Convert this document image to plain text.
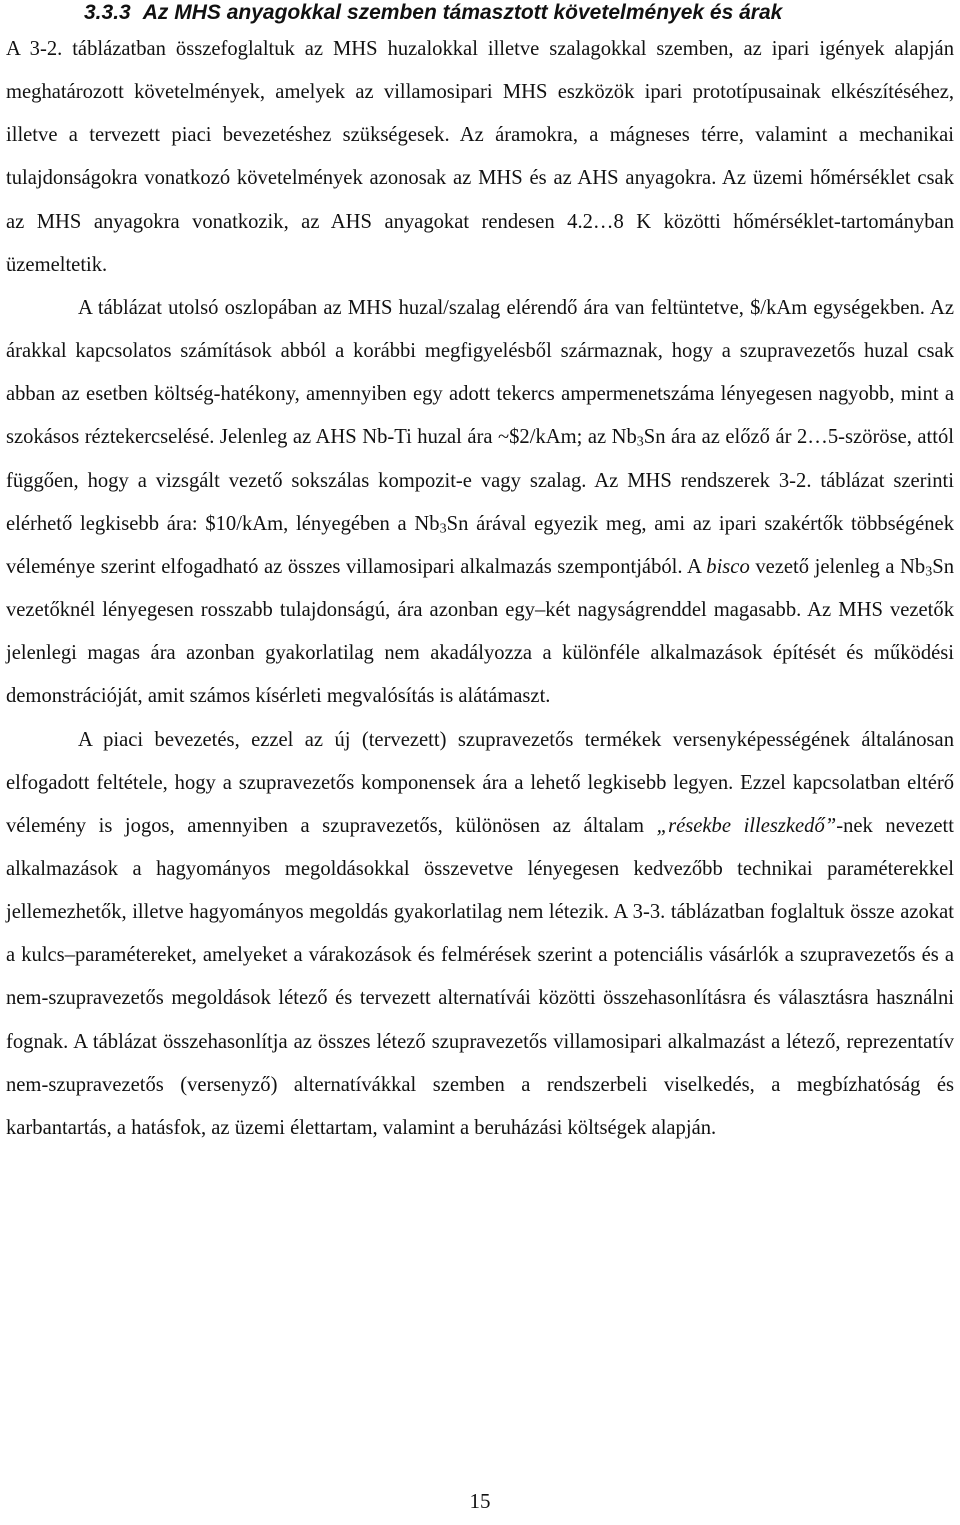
3.3.3 Az MHS anyagokkal szemben támasztott követelmények és árak

A 3-2. táblázatban összefoglaltuk az MHS huzalokkal illetve szalagokkal szemben, az ipari igények alapján meghatározott követelmények, amelyek az villamosipari MHS eszközök ipari prototípusainak elkészítéséhez, illetve a tervezett piaci bevezetéshez szükségesek. Az áramokra, a mágneses térre, valamint a mechanikai tulajdonságokra vonatkozó követelmények azonosak az MHS és az AHS anyagokra. Az üzemi hőmérséklet csak az MHS anyagokra vonatkozik, az AHS anyagokat rendesen 4.2…8 K közötti hőmérséklet-tartományban üzemeltetik.

A táblázat utolsó oszlopában az MHS huzal/szalag elérendő ára van feltüntetve, $/kAm egységekben. Az árakkal kapcsolatos számítások abból a korábbi megfigyelésből származnak, hogy a szupravezetős huzal csak abban az esetben költség-hatékony, amennyiben egy adott tekercs ampermenetszáma lényegesen nagyobb, mint a szokásos réztekercselésé. Jelenleg az AHS Nb-Ti huzal ára ~$2/kAm; az Nb3Sn ára az előző ár 2…5-szöröse, attól függően, hogy a vizsgált vezető sokszálas kompozit-e vagy szalag. Az MHS rendszerek 3-2. táblázat szerinti elérhető legkisebb ára: $10/kAm, lényegében a Nb3Sn árával egyezik meg, ami az ipari szakértők többségének véleménye szerint elfogadható az összes villamosipari alkalmazás szempontjából. A bisco vezető jelenleg a Nb3Sn vezetőknél lényegesen rosszabb tulajdonságú, ára azonban egy–két nagyságrenddel magasabb. Az MHS vezetők jelenlegi magas ára azonban gyakorlatilag nem akadályozza a különféle alkalmazások építését és működési demonstrációját, amit számos kísérleti megvalósítás is alátámaszt.

A piaci bevezetés, ezzel az új (tervezett) szupravezetős termékek versenyképességének általánosan elfogadott feltétele, hogy a szupravezetős komponensek ára a lehető legkisebb legyen. Ezzel kapcsolatban eltérő vélemény is jogos, amennyiben a szupravezetős, különösen az általam „résekbe illeszkedő”-nek nevezett alkalmazások a hagyományos megoldásokkal összevetve lényegesen kedvezőbb technikai paraméterekkel jellemezhetők, illetve hagyományos megoldás gyakorlatilag nem létezik. A 3-3. táblázatban foglaltuk össze azokat a kulcs–paramétereket, amelyeket a várakozások és felmérések szerint a potenciális vásárlók a szupravezetős és a nem-szupravezetős megoldások létező és tervezett alternatívái közötti összehasonlításra és választásra használni fognak. A táblázat összehasonlítja az összes létező szupravezetős villamosipari alkalmazást a létező, reprezentatív nem-szupravezetős (versenyző) alternatívákkal szemben a rendszerbeli viselkedés, a megbízhatóság és karbantartás, a hatásfok, az üzemi élettartam, valamint a beruházási költségek alapján.

15
